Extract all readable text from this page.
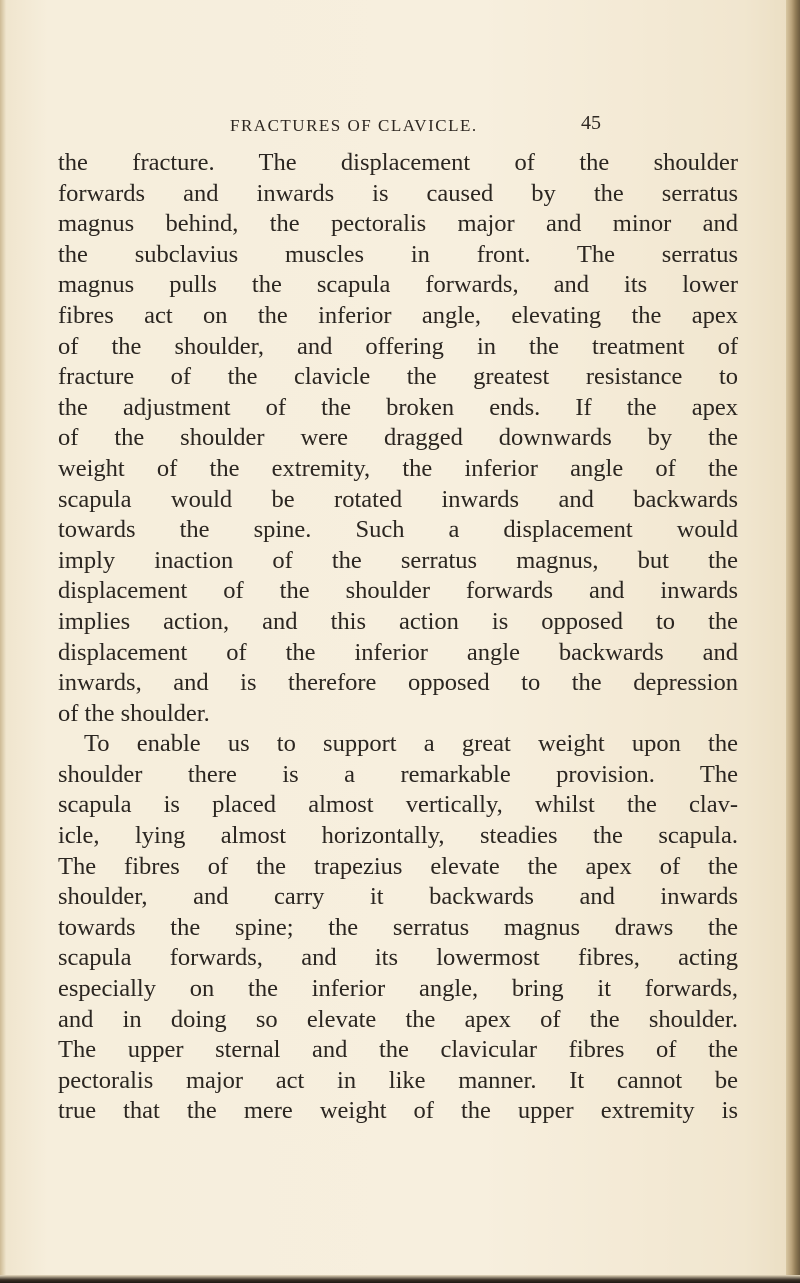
FRACTURES OF CLAVICLE.	45
the fracture. The displacement of the shoulder
forwards and inwards is caused by the serratus
magnus behind, the pectoralis major and minor and
the subclavius muscles in front. The serratus
magnus pulls the scapula forwards, and its lower
fibres act on the inferior angle, elevating the apex
of the shoulder, and offering in the treatment of
fracture of the clavicle the greatest resistance to
the adjustment of the broken ends. If the apex
of the shoulder were dragged downwards by the
weight of the extremity, the inferior angle of the
scapula would be rotated inwards and backwards
towards the spine. Such a displacement would
imply inaction of the serratus magnus, but the
displacement of the shoulder forwards and inwards
implies action, and this action is opposed to the
displacement of the inferior angle backwards and
inwards, and is therefore opposed to the depression
of the shoulder.
To enable us to support a great weight upon the
shoulder there is a remarkable provision. The
scapula is placed almost vertically, whilst the clav-
icle, lying almost horizontally, steadies the scapula.
The fibres of the trapezius elevate the apex of the
shoulder, and carry it backwards and inwards
towards the spine; the serratus magnus draws the
scapula forwards, and its lowermost fibres, acting
especially on the inferior angle, bring it forwards,
and in doing so elevate the apex of the shoulder.
The upper sternal and the clavicular fibres of the
pectoralis major act in like manner. It cannot be
true that the mere weight of the upper extremity is
